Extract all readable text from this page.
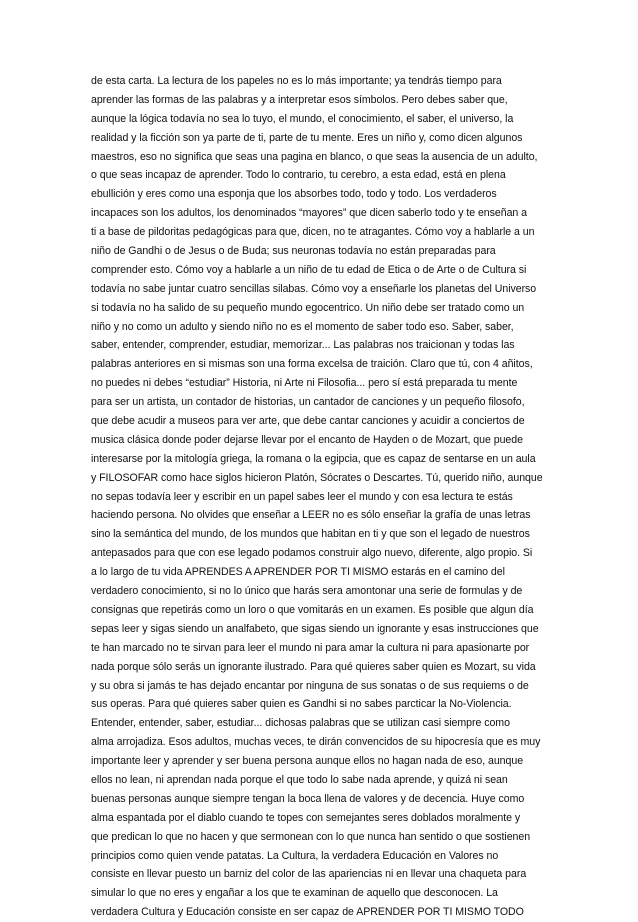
de esta carta. La lectura de los papeles no es lo más importante; ya tendrás tiempo para
aprender las formas de las palabras y a interpretar esos símbolos. Pero debes saber que,
aunque la lógica todavía no sea lo tuyo, el mundo, el conocimiento, el saber, el universo, la
realidad y la ficción son ya parte de ti, parte de tu mente. Eres un niño y, como dicen algunos
maestros, eso no significa que seas una pagina en blanco, o que seas la ausencia de un adulto,
o que seas incapaz de aprender. Todo lo contrario, tu cerebro, a esta edad, está en plena
ebullición y eres como una esponja que los absorbes todo, todo y todo. Los verdaderos
incapaces son los adultos, los denominados “mayores” que dicen saberlo todo y te enseñan a
ti a base de pildoritas pedagógicas para que, dicen, no te atragantes. Cómo voy a hablarle a un
niño de Gandhi o de Jesus o de Buda; sus neuronas todavía no están preparadas para
comprender esto. Cómo voy a hablarle a un niño de tu edad de Etica o de Arte o de Cultura si
todavía no sabe juntar cuatro sencillas silabas. Cómo voy a enseñarle los planetas del Universo
si todavía no ha salido de su pequeño mundo egocentrico. Un niño debe ser tratado como un
niño y no como un adulto y siendo niño no es el momento de saber todo eso. Saber, saber,
saber, entender, comprender, estudiar, memorizar... Las palabras nos traicionan y todas las
palabras anteriores en si mismas son una forma excelsa de traición. Claro que tú, con 4 añitos,
no puedes ni debes “estudiar” Historia, ni Arte ni Filosofia... pero sí está preparada tu mente
para ser un artista, un contador de historias, un cantador de canciones y un pequeño filosofo,
que debe acudir a museos para ver arte, que debe cantar canciones y acuidir a conciertos de
musica clásica donde poder dejarse llevar por el encanto de Hayden o de Mozart, que puede
interesarse por la mitología griega, la romana o la egipcia, que es capaz de sentarse en un aula
y FILOSOFAR como hace siglos hicieron Platón, Sócrates o Descartes. Tú, querido niño, aunque
no sepas todavía leer y escribir en un papel sabes leer el mundo y con esa lectura te estás
haciendo persona. No olvides que enseñar a LEER no es sólo enseñar la grafía de unas letras
sino la semántica del mundo, de los mundos que habitan en ti y que son el legado de nuestros
antepasados para que con ese legado podamos construir algo nuevo, diferente, algo propio. Si
a lo largo de tu vida APRENDES A APRENDER POR TI MISMO estarás en el camino del
verdadero conocimiento, si no lo único que harás sera amontonar una serie de formulas y de
consignas que repetirás como un loro o que vomitarás en un examen. Es posible que algun día
sepas leer y sigas siendo un analfabeto, que sigas siendo un ignorante y esas instrucciones que
te han marcado no te sirvan para leer el mundo ni para amar la cultura ni para apasionarte por
nada porque sólo serás un ignorante ilustrado. Para qué quieres saber quien es Mozart, su vida
y su obra si jamás te has dejado encantar por ninguna de sus sonatas o de sus requiems o de
sus operas. Para qué quieres saber quien es Gandhi si no sabes parcticar la No-Violencia.
Entender, entender, saber, estudiar... dichosas palabras que se utilizan casi siempre como
alma arrojadiza. Esos adultos, muchas veces, te dirán convencidos de su hipocresía que es muy
importante leer y aprender y ser buena persona aunque ellos no hagan nada de eso, aunque
ellos no lean, ni aprendan nada porque el que todo lo sabe nada aprende, y quizá ni sean
buenas personas aunque siempre tengan la boca llena de valores y de decencia. Huye como
alma espantada por el diablo cuando te topes con semejantes seres doblados moralmente y
que predican lo que no hacen y que sermonean con lo que nunca han sentido o que sostienen
principios como quien vende patatas. La Cultura, la verdadera Educación en Valores no
consiste en llevar puesto un barniz del color de las apariencias ni en llevar una chaqueta para
simular lo que no eres y engañar a los que te examinan de aquello que desconocen. La
verdadera Cultura y Educación consiste en ser capaz de APRENDER POR TI MISMO TODO
